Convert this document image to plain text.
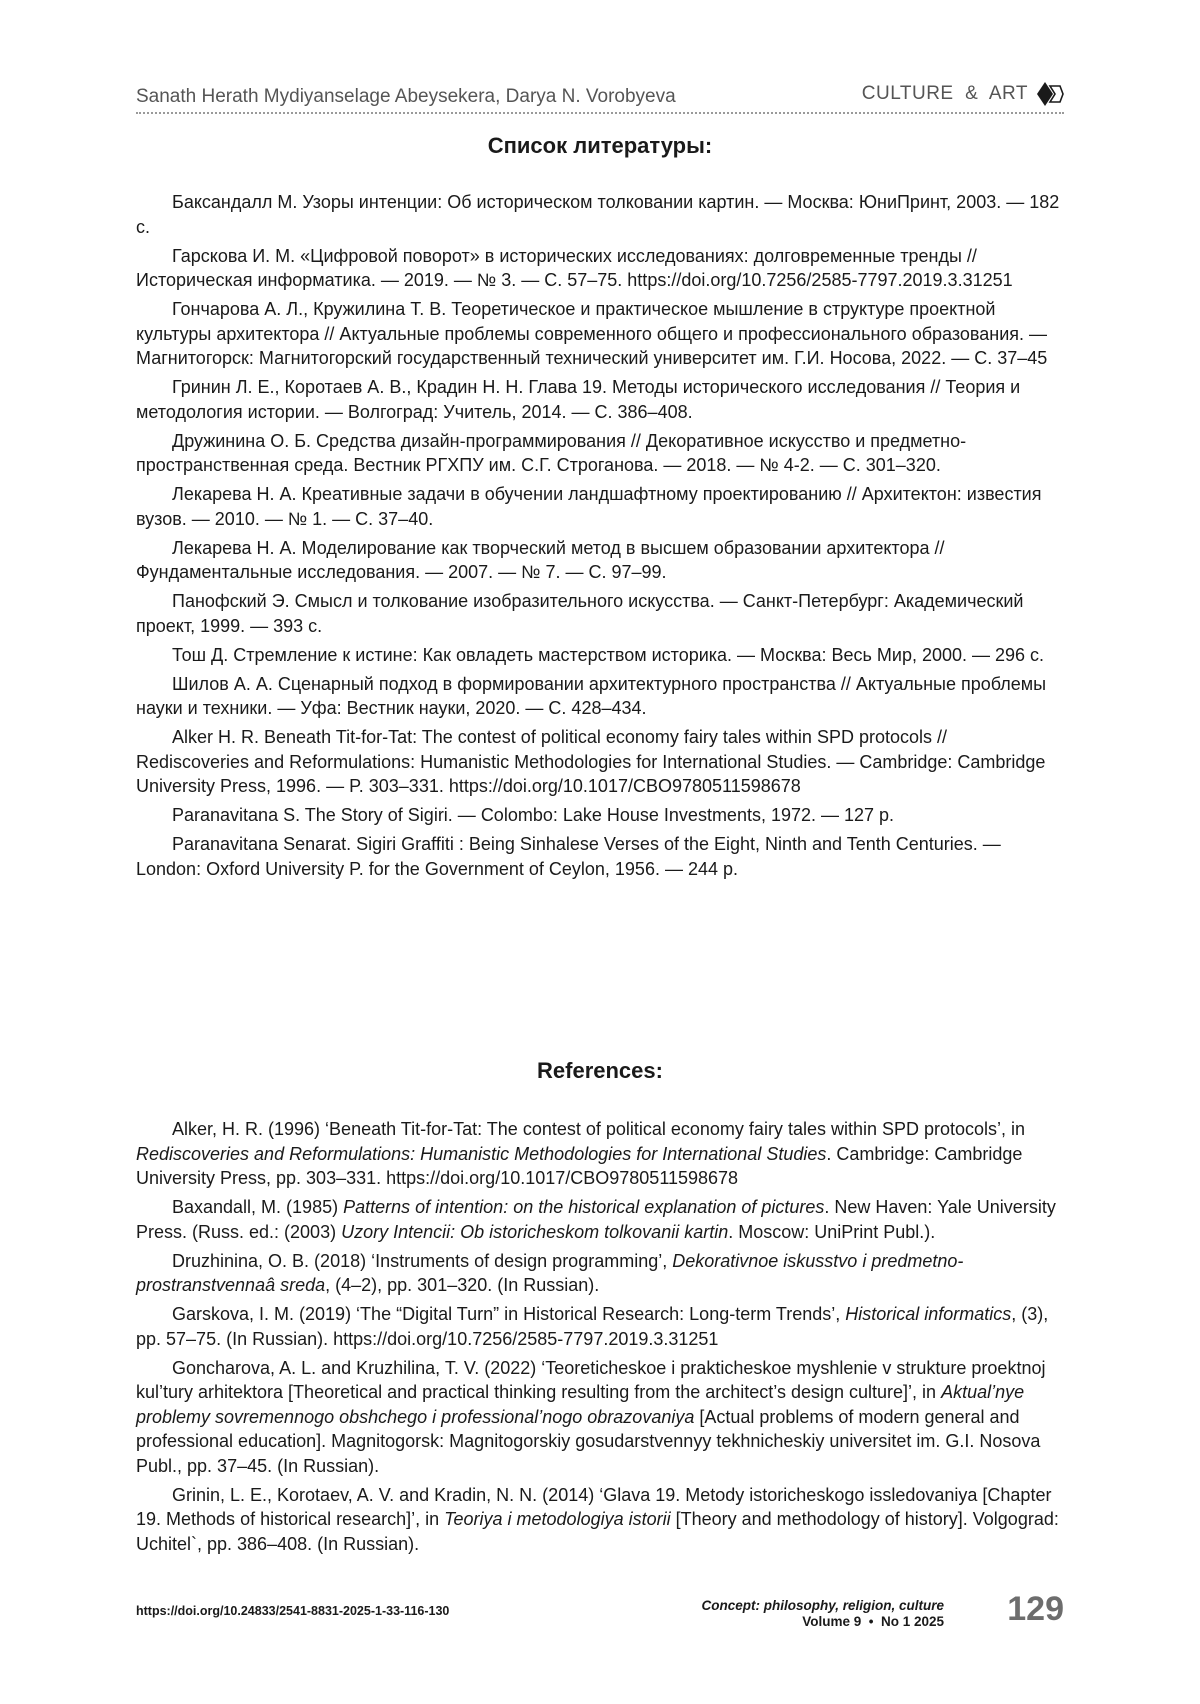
Sanath Herath Mydiyanselage Abeysekera, Darya N. Vorobyeva	CULTURE  &  ART
Список литературы:
Баксандалл М. Узоры интенции: Об историческом толковании картин. — Москва: ЮниПринт, 2003. — 182 с.
Гарскова И. М. «Цифровой поворот» в исторических исследованиях: долговременные тренды // Историческая информатика. — 2019. — № 3. — С. 57–75. https://doi.org/10.7256/2585-7797.2019.3.31251
Гончарова А. Л., Кружилина Т. В. Теоретическое и практическое мышление в структуре проектной культуры архитектора // Актуальные проблемы современного общего и профессионального образования. — Магнитогорск: Магнитогорский государственный технический университет им. Г.И. Носова, 2022. — С. 37–45
Гринин Л. Е., Коротаев А. В., Крадин Н. Н. Глава 19. Методы исторического исследования // Теория и методология истории. — Волгоград: Учитель, 2014. — С. 386–408.
Дружинина О. Б. Средства дизайн-программирования // Декоративное искусство и предметно-пространственная среда. Вестник РГХПУ им. С.Г. Строганова. — 2018. — № 4-2. — С. 301–320.
Лекарева Н. А. Креативные задачи в обучении ландшафтному проектированию // Архитектон: известия вузов. — 2010. — № 1. — С. 37–40.
Лекарева Н. А. Моделирование как творческий метод в высшем образовании архитектора // Фундаментальные исследования. — 2007. — № 7. — С. 97–99.
Панофский Э. Смысл и толкование изобразительного искусства. — Санкт-Петербург: Академический проект, 1999. — 393 с.
Тош Д. Стремление к истине: Как овладеть мастерством историка. — Москва: Весь Мир, 2000. — 296 с.
Шилов А. А. Сценарный подход в формировании архитектурного пространства // Актуальные проблемы науки и техники. — Уфа: Вестник науки, 2020. — С. 428–434.
Alker H. R. Beneath Tit-for-Tat: The contest of political economy fairy tales within SPD protocols // Rediscoveries and Reformulations: Humanistic Methodologies for International Studies. — Cambridge: Cambridge University Press, 1996. — P. 303–331. https://doi.org/10.1017/CBO9780511598678
Paranavitana S. The Story of Sigiri. — Colombo: Lake House Investments, 1972. — 127 p.
Paranavitana Senarat. Sigiri Graffiti : Being Sinhalese Verses of the Eight, Ninth and Tenth Centuries. — London: Oxford University P. for the Government of Ceylon, 1956. — 244 p.
References:
Alker, H. R. (1996) ‘Beneath Tit-for-Tat: The contest of political economy fairy tales within SPD protocols’, in Rediscoveries and Reformulations: Humanistic Methodologies for International Studies. Cambridge: Cambridge University Press, pp. 303–331. https://doi.org/10.1017/CBO9780511598678
Baxandall, M. (1985) Patterns of intention: on the historical explanation of pictures. New Haven: Yale University Press. (Russ. ed.: (2003) Uzory Intencii: Ob istoricheskom tolkovanii kartin. Moscow: UniPrint Publ.).
Druzhinina, O. B. (2018) ‘Instruments of design programming’, Dekorativnoe iskusstvo i predmetno-prostranstvennaâ sreda, (4–2), pp. 301–320. (In Russian).
Garskova, I. M. (2019) ‘The “Digital Turn” in Historical Research: Long-term Trends’, Historical informatics, (3), pp. 57–75. (In Russian). https://doi.org/10.7256/2585-7797.2019.3.31251
Goncharova, A. L. and Kruzhilina, T. V. (2022) ‘Teoreticheskoe i prakticheskoe myshlenie v strukture proektnoj kul’tury arhitektora [Theoretical and practical thinking resulting from the architect’s design culture]’, in Aktual’nye problemy sovremennogo obshchego i professional’nogo obrazovaniya [Actual problems of modern general and professional education]. Magnitogorsk: Magnitogorskiy gosudarstvennyy tekhnicheskiy universitet im. G.I. Nosova Publ., pp. 37–45. (In Russian).
Grinin, L. E., Korotaev, A. V. and Kradin, N. N. (2014) ‘Glava 19. Metody istoricheskogo issledovaniya [Chapter 19. Methods of historical research]’, in Teoriya i metodologiya istorii [Theory and methodology of history]. Volgograd: Uchitel`, pp. 386–408. (In Russian).
https://doi.org/10.24833/2541-8831-2025-1-33-116-130	Concept: philosophy, religion, culture
Volume 9  •  No 1 2025 129
